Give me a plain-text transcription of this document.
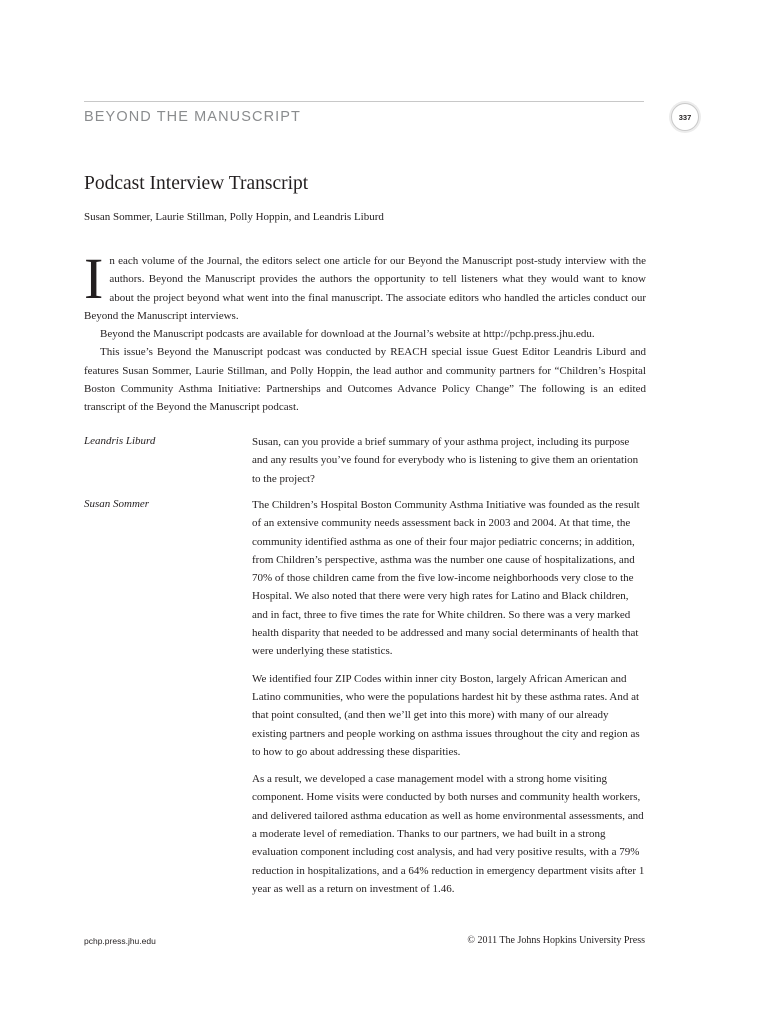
BEYOND THE MANUSCRIPT	337
Podcast Interview Transcript
Susan Sommer, Laurie Stillman, Polly Hoppin, and Leandris Liburd

In each volume of the Journal, the editors select one article for our Beyond the Manuscript post-study interview with the authors. Beyond the Manuscript provides the authors the opportunity to tell listeners what they would want to know about the project beyond what went into the final manuscript. The associate editors who handled the articles conduct our Beyond the Manuscript interviews.

Beyond the Manuscript podcasts are available for download at the Journal’s website at http://pchp.press.jhu.edu.

This issue’s Beyond the Manuscript podcast was conducted by REACH special issue Guest Editor Leandris Liburd and features Susan Sommer, Laurie Stillman, and Polly Hoppin, the lead author and community partners for “Children’s Hospital Boston Community Asthma Initiative: Partnerships and Outcomes Advance Policy Change” The following is an edited transcript of the Beyond the Manuscript podcast.

Leandris Liburd	Susan, can you provide a brief summary of your asthma project, including its purpose and any results you’ve found for everybody who is listening to give them an orientation to the project?

Susan Sommer	The Children’s Hospital Boston Community Asthma Initiative was founded as the result of an extensive community needs assessment back in 2003 and 2004. At that time, the community identified asthma as one of their four major pediatric concerns; in addition, from Children’s perspective, asthma was the number one cause of hospitalizations, and 70% of those children came from the five low-income neighborhoods very close to the Hospital. We also noted that there were very high rates for Latino and Black children, and in fact, three to five times the rate for White children. So there was a very marked health disparity that needed to be addressed and many social determinants of health that were underlying these statistics.

We identified four ZIP Codes within inner city Boston, largely African American and Latino communities, who were the populations hardest hit by these asthma rates. And at that point consulted, (and then we’ll get into this more) with many of our already existing partners and people working on asthma issues throughout the city and region as to how to go about addressing these disparities.

As a result, we developed a case management model with a strong home visiting component. Home visits were conducted by both nurses and community health workers, and delivered tailored asthma education as well as home environmental assessments, and a moderate level of remediation. Thanks to our partners, we had built in a strong evaluation component including cost analysis, and had very positive results, with a 79% reduction in hospitalizations, and a 64% reduction in emergency department visits after 1 year as well as a return on investment of 1.46.

pchp.press.jhu.edu	© 2011 The Johns Hopkins University Press
